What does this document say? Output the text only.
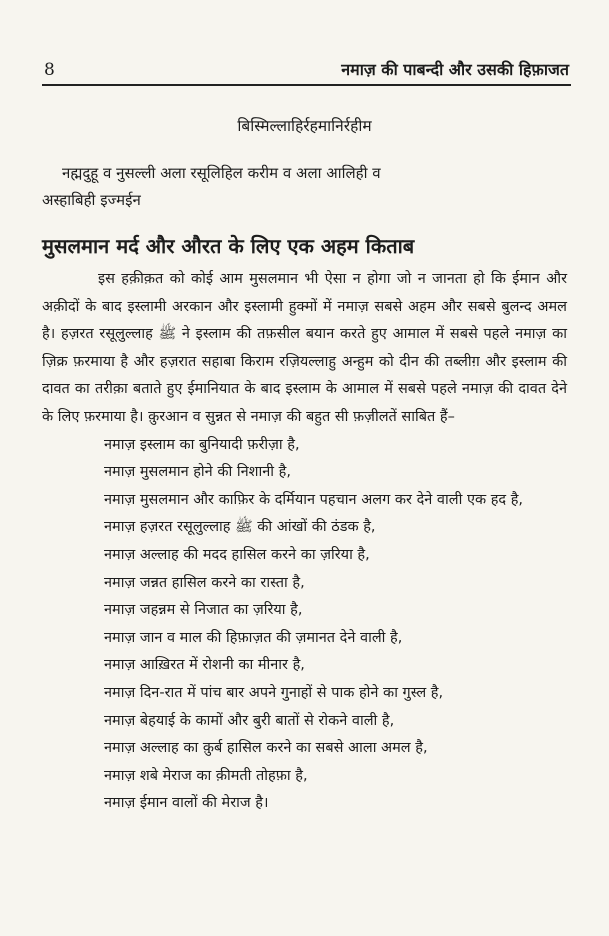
8	नमाज़ की पाबन्दी और उसकी हिफ़ाजत
बिस्मिल्लाहिर्रहमानिर्रहीम
नह्मदुहू व नुसल्ली अला रसूलिहिल करीम व अला आलिही व
अस्हाबिही इज्मईन
मुसलमान मर्द और औरत के लिए एक अहम किताब

इस हक़ीक़त को कोई आम मुसलमान भी ऐसा न होगा जो न जानता हो कि ईमान और अक़ीदों के बाद इस्लामी अरकान और इस्लामी हुक्मों में नमाज़ सबसे अहम और सबसे बुलन्द अमल है। हज़रत रसूलुल्लाह ﷺ ने इस्लाम की तफ़सील बयान करते हुए आमाल में सबसे पहले नमाज़ का ज़िक्र फ़रमाया है और हज़रात सहाबा किराम रज़ियल्लाहु अन्हुम को दीन की तब्लीग़ और इस्लाम की दावत का तरीक़ा बताते हुए ईमानियात के बाद इस्लाम के आमाल में सबसे पहले नमाज़ की दावत देने के लिए फ़रमाया है। क़ुरआन व सुन्नत से नमाज़ की बहुत सी फ़ज़ीलतें साबित हैं–

नमाज़ इस्लाम का बुनियादी फ़रीज़ा है,

नमाज़ मुसलमान होने की निशानी है,

नमाज़ मुसलमान और काफ़िर के दर्मियान पहचान अलग कर देने वाली एक हद है,

नमाज़ हज़रत रसूलुल्लाह ﷺ की आंखों की ठंडक है,

नमाज़ अल्लाह की मदद हासिल करने का ज़रिया है,

नमाज़ जन्नत हासिल करने का रास्ता है,

नमाज़ जहन्नम से निजात का ज़रिया है,

नमाज़ जान व माल की हिफ़ाज़त की ज़मानत देने वाली है,

नमाज़ आख़िरत में रोशनी का मीनार है,

नमाज़ दिन-रात में पांच बार अपने गुनाहों से पाक होने का गुस्ल है,

नमाज़ बेहयाई के कामों और बुरी बातों से रोकने वाली है,

नमाज़ अल्लाह का क़ुर्ब हासिल करने का सबसे आला अमल है,

नमाज़ शबे मेराज का क़ीमती तोहफ़ा है,

नमाज़ ईमान वालों की मेराज है।
